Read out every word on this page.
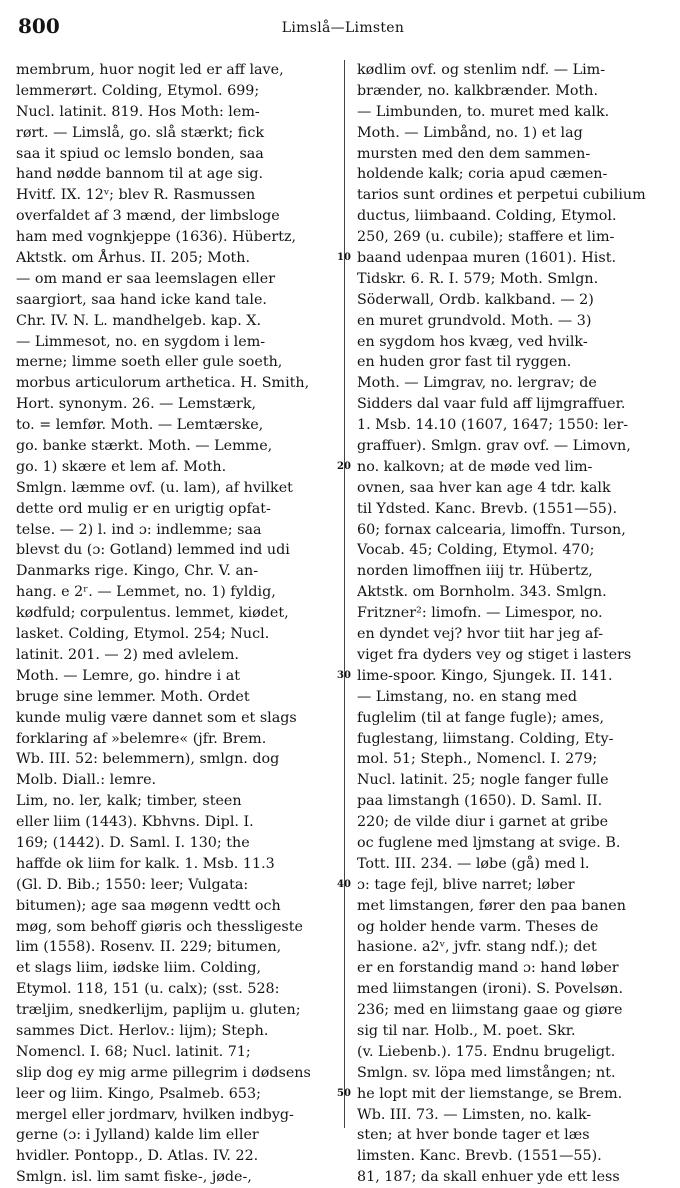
800	Limslå—Limsten
membrum, huor nogit led er aff lave,
lemmerørt. Colding, Etymol. 699;
Nucl. latinit. 819. Hos Moth: lem-
rørt. — Limslå, go. slå stærkt; fick
saa it spiud oc lemslo bonden, saa
hand nødde bannom til at age sig.
Hvitf. IX. 12ᵛ; blev R. Rasmussen
overfaldet af 3 mænd, der limbsloge
ham med vognkjeppe (1636). Hübertz,
Aktstk. om Århus. II. 205; Moth.
— om mand er saa leemslagen eller
saargiort, saa hand icke kand tale.
Chr. IV. N. L. mandhelgeb. kap. X.
— Limmesot, no. en sygdom i lem-
merne; limme soeth eller gule soeth,
morbus articulorum arthetica. H. Smith,
Hort. synonym. 26. — Lemstærk,
to. = lemfør. Moth. — Lemtærske,
go. banke stærkt. Moth. — Lemme,
go. 1) skære et lem af. Moth.
Smlgn. læmme ovf. (u. lam), af hvilket
dette ord mulig er en urigtig opfat-
telse. — 2) l. ind ɔ: indlemme; saa
blevst du (ɔ: Gotland) lemmed ind udi
Danmarks rige. Kingo, Chr. V. an-
hang. e 2ʳ. — Lemmet, no. 1) fyldig,
kødfuld; corpulentus. lemmet, kiødet,
lasket. Colding, Etymol. 254; Nucl.
latinit. 201. — 2) med avlelem.
Moth. — Lemre, go. hindre i at
bruge sine lemmer. Moth. Ordet
kunde mulig være dannet som et slags
forklaring af »belemre« (jfr. Brem.
Wb. III. 52: belemmern), smlgn. dog
Molb. Diall.: lemre.
Lim, no. ler, kalk; timber, steen
eller liim (1443). Kbhvns. Dipl. I.
169; (1442). D. Saml. I. 130; the
haffde ok liim for kalk. 1. Msb. 11.3
(Gl. D. Bib.; 1550: leer; Vulgata:
bitumen); age saa møgenn vedtt och
møg, som behoff giøris och thessligeste
lim (1558). Rosenv. II. 229; bitumen,
et slags liim, iødske liim. Colding,
Etymol. 118, 151 (u. calx); (sst. 528:
træljim, snedkerlijm, paplijm u. gluten;
sammes Dict. Herlov.: lijm); Steph.
Nomencl. I. 68; Nucl. latinit. 71;
slip dog ey mig arme pillegrim i dødsens
leer og liim. Kingo, Psalmeb. 653;
mergel eller jordmarv, hvilken indbyg-
gerne (ɔ: i Jylland) kalde lim eller
hvidler. Pontopp., D. Atlas. IV. 22.
Smlgn. isl. lim samt fiske-, jøde-,
kødlim ovf. og stenlim ndf. — Lim-
brænder, no. kalkbrænder. Moth.
— Limbunden, to. muret med kalk.
Moth. — Limbånd, no. 1) et lag
mursten med den dem sammen-
holdende kalk; coria apud cæmen-
tarios sunt ordines et perpetui cubilium
ductus, liimbaand. Colding, Etymol.
250, 269 (u. cubile); staffere et lim-
baand udenpaa muren (1601). Hist.
Tidskr. 6. R. I. 579; Moth. Smlgn.
Söderwall, Ordb. kalkband. — 2)
en muret grundvold. Moth. — 3)
en sygdom hos kvæg, ved hvilk-
en huden gror fast til ryggen.
Moth. — Limgrav, no. lergrav; de
Sidders dal vaar fuld aff lijmgraffuer.
1. Msb. 14.10 (1607, 1647; 1550: ler-
graffuer). Smlgn. grav ovf. — Limovn,
no. kalkovn; at de møde ved lim-
ovnen, saa hver kan age 4 tdr. kalk
til Ydsted. Kanc. Brevb. (1551—55).
60; fornax calcearia, limoffn. Turson,
Vocab. 45; Colding, Etymol. 470;
norden limoffnen iiij tr. Hübertz,
Aktstk. om Bornholm. 343. Smlgn.
Fritzner²: limofn. — Limespor, no.
en dyndet vej? hvor tiit har jeg af-
viget fra dyders vey og stiget i lasters
lime-spoor. Kingo, Sjungek. II. 141.
— Limstang, no. en stang med
fuglelim (til at fange fugle); ames,
fuglestang, liimstang. Colding, Ety-
mol. 51; Steph., Nomencl. I. 279;
Nucl. latinit. 25; nogle fanger fulle
paa limstangh (1650). D. Saml. II.
220; de vilde diur i garnet at gribe
oc fuglene med ljmstang at svige. B.
Tott. III. 234. — løbe (gå) med l.
ɔ: tage fejl, blive narret; løber
met limstangen, fører den paa banen
og holder hende varm. Theses de
hasione. a2ᵛ, jvfr. stang ndf.); det
er en forstandig mand ɔ: hand løber
med liimstangen (ironi). S. Povelsøn.
236; med en liimstang gaae og giøre
sig til nar. Holb., M. poet. Skr.
(v. Liebenb.). 175. Endnu brugeligt.
Smlgn. sv. löpa med limstången; nt.
he lopt mit der liemstange, se Brem.
Wb. III. 73. — Limsten, no. kalk-
sten; at hver bonde tager et læs
limsten. Kanc. Brevb. (1551—55).
81, 187; da skall enhuer yde ett less
10
20
30
40
50
